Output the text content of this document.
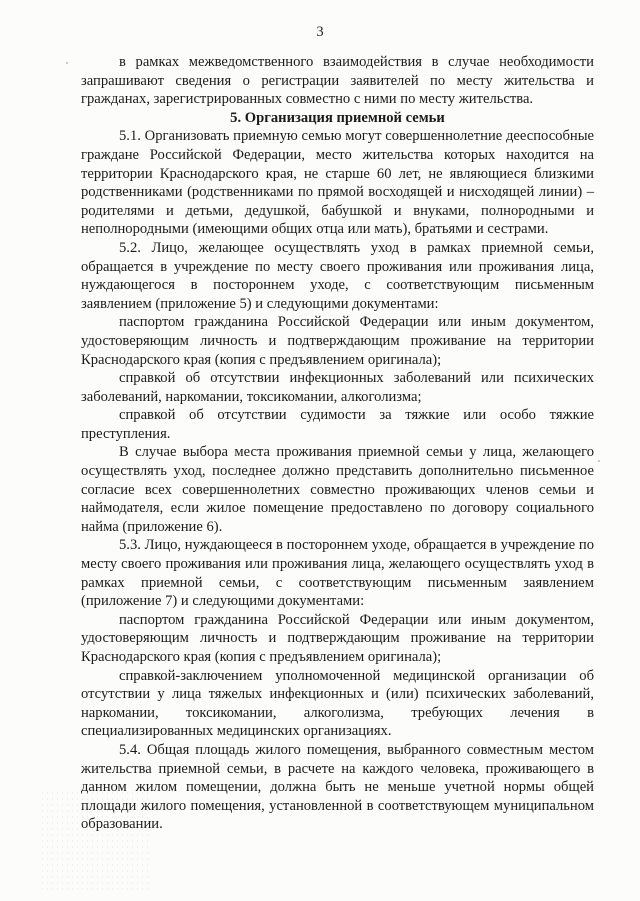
3

в рамках межведомственного взаимодействия в случае необходимости запрашивают сведения о регистрации заявителей по месту жительства и гражданах, зарегистрированных совместно с ними по месту жительства.

5. Организация приемной семьи

5.1. Организовать приемную семью могут совершеннолетние дееспособные граждане Российской Федерации, место жительства которых находится на территории Краснодарского края, не старше 60 лет, не являющиеся близкими родственниками (родственниками по прямой восходящей и нисходящей линии) – родителями и детьми, дедушкой, бабушкой и внуками, полнородными и неполнородными (имеющими общих отца или мать), братьями и сестрами.

5.2. Лицо, желающее осуществлять уход в рамках приемной семьи, обращается в учреждение по месту своего проживания или проживания лица, нуждающегося в постороннем уходе, с соответствующим письменным заявлением (приложение 5) и следующими документами:

паспортом гражданина Российской Федерации или иным документом, удостоверяющим личность и подтверждающим проживание на территории Краснодарского края (копия с предъявлением оригинала);

справкой об отсутствии инфекционных заболеваний или психических заболеваний, наркомании, токсикомании, алкоголизма;

справкой об отсутствии судимости за тяжкие или особо тяжкие преступления.

В случае выбора места проживания приемной семьи у лица, желающего осуществлять уход, последнее должно представить дополнительно письменное согласие всех совершеннолетних совместно проживающих членов семьи и наймодателя, если жилое помещение предоставлено по договору социального найма (приложение 6).

5.3. Лицо, нуждающееся в постороннем уходе, обращается в учреждение по месту своего проживания или проживания лица, желающего осуществлять уход в рамках приемной семьи, с соответствующим письменным заявлением (приложение 7) и следующими документами:

паспортом гражданина Российской Федерации или иным документом, удостоверяющим личность и подтверждающим проживание на территории Краснодарского края (копия с предъявлением оригинала);

справкой-заключением уполномоченной медицинской организации об отсутствии у лица тяжелых инфекционных и (или) психических заболеваний, наркомании, токсикомании, алкоголизма, требующих лечения в специализированных медицинских организациях.

5.4. Общая площадь жилого помещения, выбранного совместным местом жительства приемной семьи, в расчете на каждого человека, проживающего в данном жилом помещении, должна быть не меньше учетной нормы общей площади жилого помещения, установленной в соответствующем муниципальном образовании.
